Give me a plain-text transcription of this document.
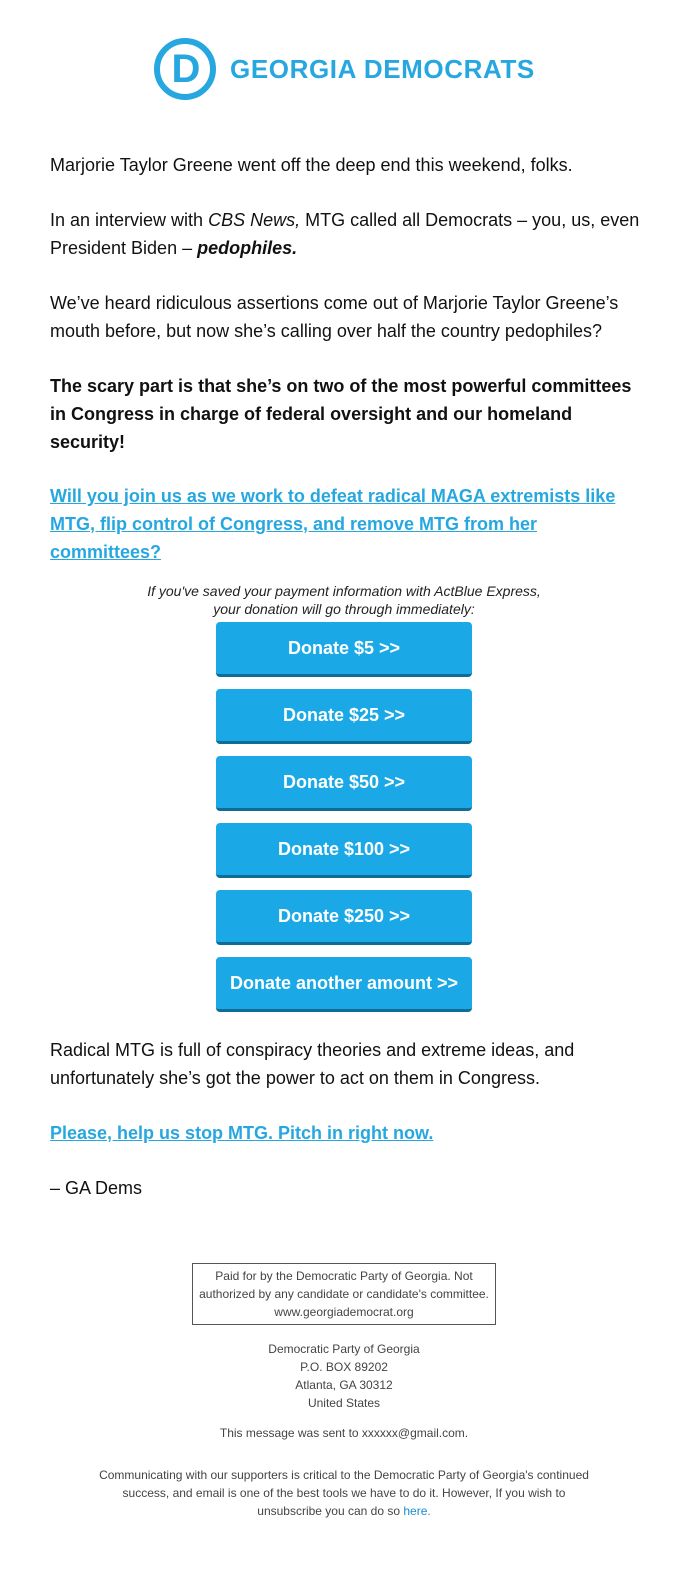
D GEORGIA DEMOCRATS

Marjorie Taylor Greene went off the deep end this weekend, folks.

In an interview with CBS News, MTG called all Democrats – you, us, even President Biden – pedophiles.

We’ve heard ridiculous assertions come out of Marjorie Taylor Greene’s mouth before, but now she’s calling over half the country pedophiles?

The scary part is that she’s on two of the most powerful committees in Congress in charge of federal oversight and our homeland security!

Will you join us as we work to defeat radical MAGA extremists like MTG, flip control of Congress, and remove MTG from her committees?

If you've saved your payment information with ActBlue Express,
your donation will go through immediately:

Donate $5 >>
Donate $25 >>
Donate $50 >>
Donate $100 >>
Donate $250 >>
Donate another amount >>

Radical MTG is full of conspiracy theories and extreme ideas, and unfortunately she’s got the power to act on them in Congress.

Please, help us stop MTG. Pitch in right now.

– GA Dems

Paid for by the Democratic Party of Georgia. Not authorized by any candidate or candidate's committee. www.georgiademocrat.org
Democratic Party of Georgia
P.O. BOX 89202
Atlanta, GA 30312
United States
This message was sent to xxxxxx@gmail.com.
Communicating with our supporters is critical to the Democratic Party of Georgia's continued success, and email is one of the best tools we have to do it. However, If you wish to unsubscribe you can do so here.
